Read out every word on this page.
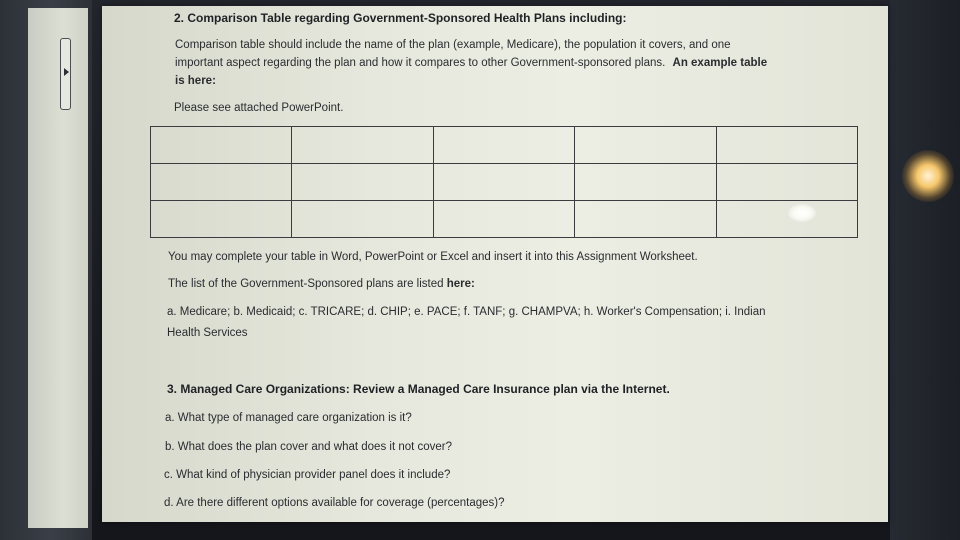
2. Comparison Table regarding Government-Sponsored Health Plans including:
Comparison table should include the name of the plan (example, Medicare), the population it covers, and one
important aspect regarding the plan and how it compares to other Government-sponsored plans. An example table
is here:
Please see attached PowerPoint.

You may complete your table in Word, PowerPoint or Excel and insert it into this Assignment Worksheet.
The list of the Government-Sponsored plans are listed here:
a. Medicare; b. Medicaid; c. TRICARE; d. CHIP; e. PACE; f. TANF; g. CHAMPVA; h. Worker's Compensation; i. Indian
Health Services
3. Managed Care Organizations: Review a Managed Care Insurance plan via the Internet.
a. What type of managed care organization is it?
b. What does the plan cover and what does it not cover?
c. What kind of physician provider panel does it include?
d. Are there different options available for coverage (percentages)?
